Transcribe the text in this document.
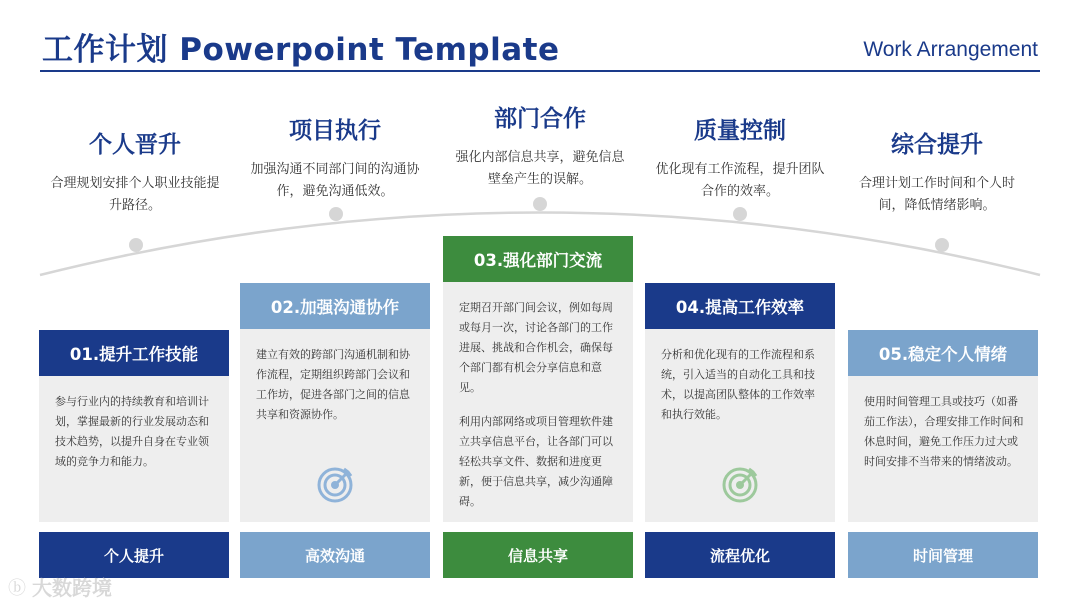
工作计划 Powerpoint Template	Work Arrangement
个人晋升
合理规划安排个人职业技能提升路径。
项目执行
加强沟通不同部门间的沟通协作，避免沟通低效。
部门合作
强化内部信息共享，避免信息壁垒产生的误解。
质量控制
优化现有工作流程，提升团队合作的效率。
综合提升
合理计划工作时间和个人时间，降低情绪影响。
01.提升工作技能

参与行业内的持续教育和培训计划，掌握最新的行业发展动态和技术趋势，以提升自身在专业领域的竞争力和能力。

个人提升
02.加强沟通协作

建立有效的跨部门沟通机制和协作流程，定期组织跨部门会议和工作坊，促进各部门之间的信息共享和资源协作。

高效沟通
03.强化部门交流

定期召开部门间会议，例如每周或每月一次，讨论各部门的工作进展、挑战和合作机会，确保每个部门都有机会分享信息和意见。

利用内部网络或项目管理软件建立共享信息平台，让各部门可以轻松共享文件、数据和进度更新，便于信息共享，减少沟通障碍。

信息共享
04.提高工作效率

分析和优化现有的工作流程和系统，引入适当的自动化工具和技术，以提高团队整体的工作效率和执行效能。

流程优化
05.稳定个人情绪

使用时间管理工具或技巧（如番茄工作法），合理安排工作时间和休息时间，避免工作压力过大或时间安排不当带来的情绪波动。

时间管理
ⓑ 大数跨境
